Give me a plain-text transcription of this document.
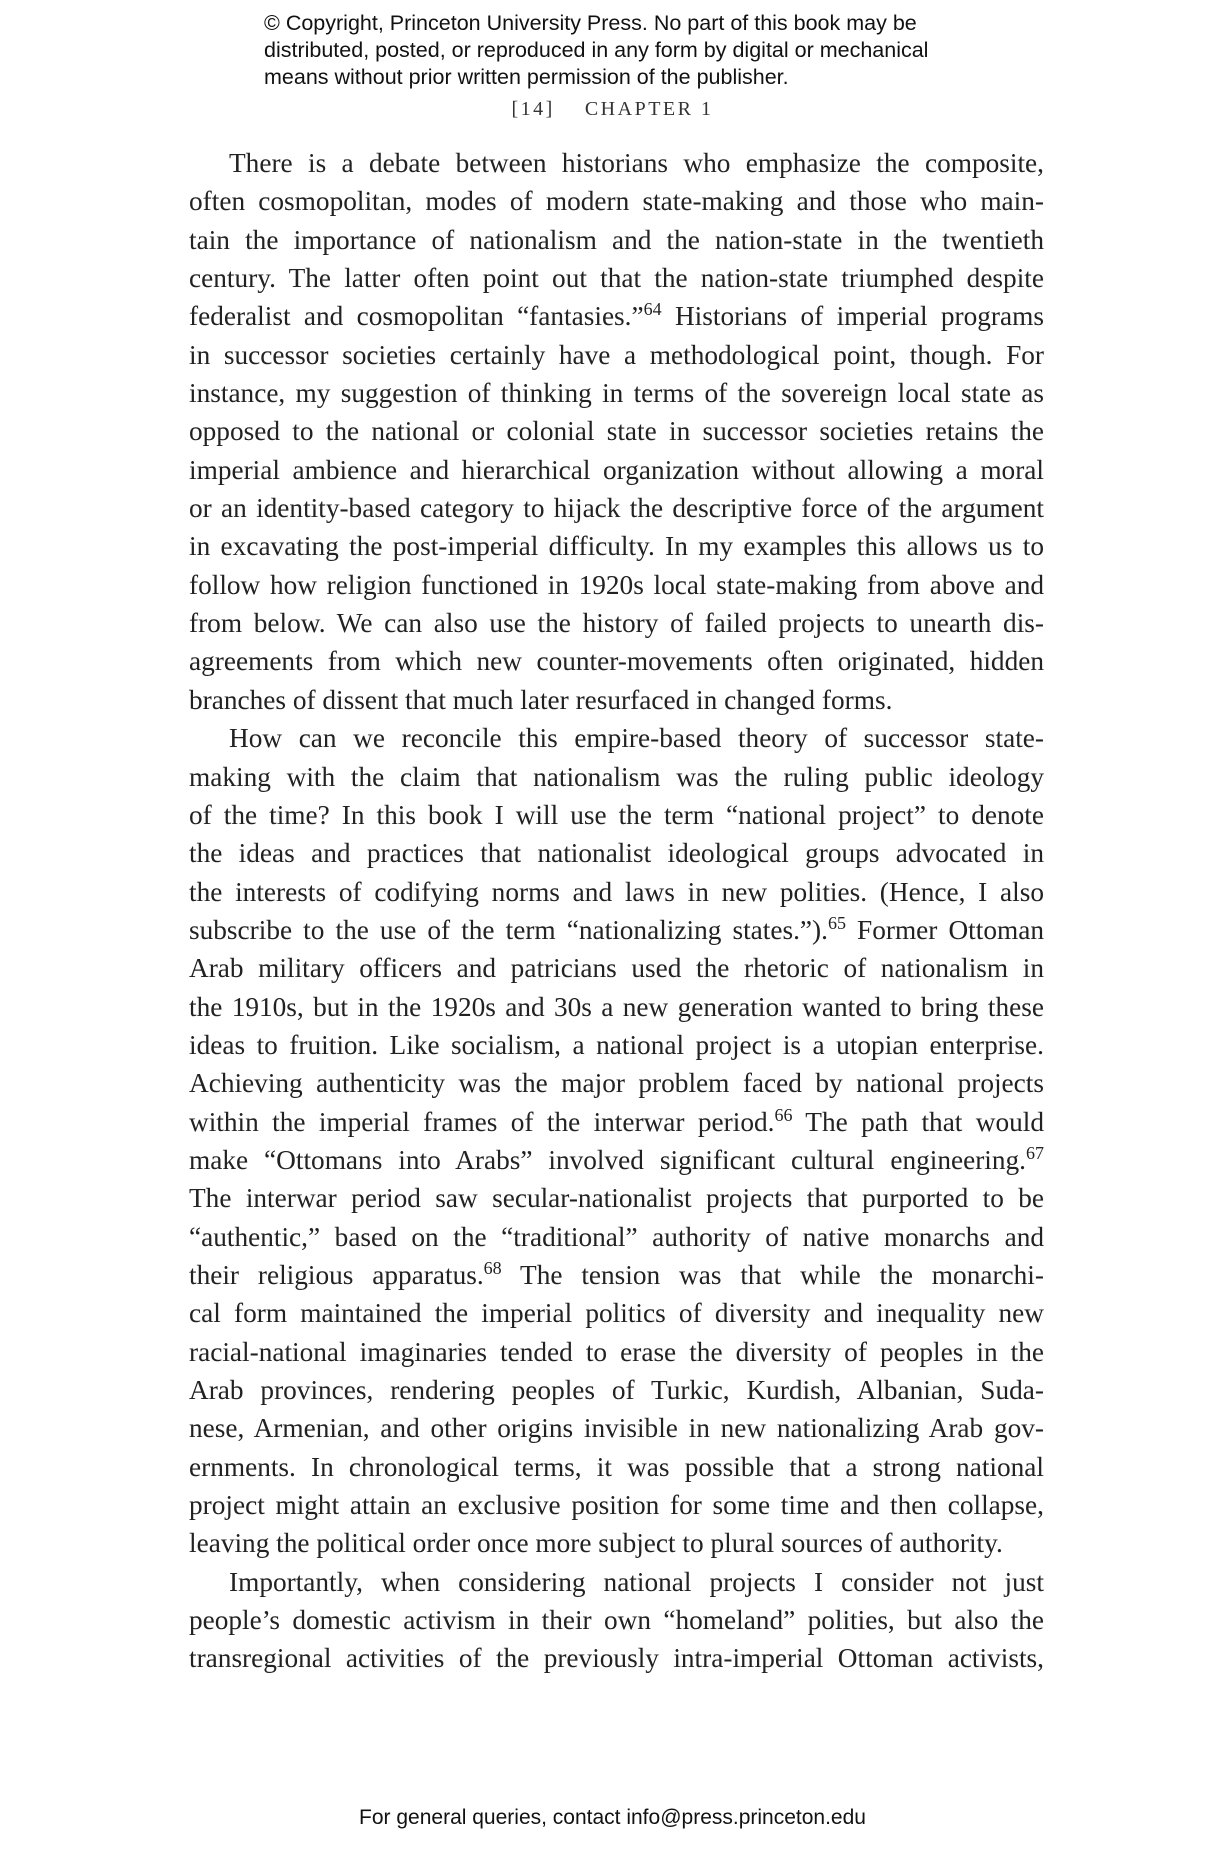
© Copyright, Princeton University Press. No part of this book may be
distributed, posted, or reproduced in any form by digital or mechanical
means without prior written permission of the publisher.
[14] CHAPTER 1
There is a debate between historians who emphasize the composite,
often cosmopolitan, modes of modern state-making and those who main-
tain the importance of nationalism and the nation-state in the twentieth
century. The latter often point out that the nation-state triumphed despite
federalist and cosmopolitan “fantasies.”$^{64}$ Historians of imperial programs
in successor societies certainly have a methodological point, though. For
instance, my suggestion of thinking in terms of the sovereign local state as
opposed to the national or colonial state in successor societies retains the
imperial ambience and hierarchical organization without allowing a moral
or an identity-based category to hijack the descriptive force of the argument
in excavating the post-imperial difficulty. In my examples this allows us to
follow how religion functioned in 1920s local state-making from above and
from below. We can also use the history of failed projects to unearth dis-
agreements from which new counter-movements often originated, hidden
branches of dissent that much later resurfaced in changed forms.
How can we reconcile this empire-based theory of successor state-
making with the claim that nationalism was the ruling public ideology
of the time? In this book I will use the term “national project” to denote
the ideas and practices that nationalist ideological groups advocated in
the interests of codifying norms and laws in new polities. (Hence, I also
subscribe to the use of the term “nationalizing states.”).$^{65}$ Former Ottoman
Arab military officers and patricians used the rhetoric of nationalism in
the 1910s, but in the 1920s and 30s a new generation wanted to bring these
ideas to fruition. Like socialism, a national project is a utopian enterprise.
Achieving authenticity was the major problem faced by national projects
within the imperial frames of the interwar period.$^{66}$ The path that would
make “Ottomans into Arabs” involved significant cultural engineering.$^{67}$
The interwar period saw secular-nationalist projects that purported to be
“authentic,” based on the “traditional” authority of native monarchs and
their religious apparatus.$^{68}$ The tension was that while the monarchi-
cal form maintained the imperial politics of diversity and inequality new
racial-national imaginaries tended to erase the diversity of peoples in the
Arab provinces, rendering peoples of Turkic, Kurdish, Albanian, Suda-
nese, Armenian, and other origins invisible in new nationalizing Arab gov-
ernments. In chronological terms, it was possible that a strong national
project might attain an exclusive position for some time and then collapse,
leaving the political order once more subject to plural sources of authority.
Importantly, when considering national projects I consider not just
people’s domestic activism in their own “homeland” polities, but also the
transregional activities of the previously intra-imperial Ottoman activists,
For general queries, contact info@press.princeton.edu
